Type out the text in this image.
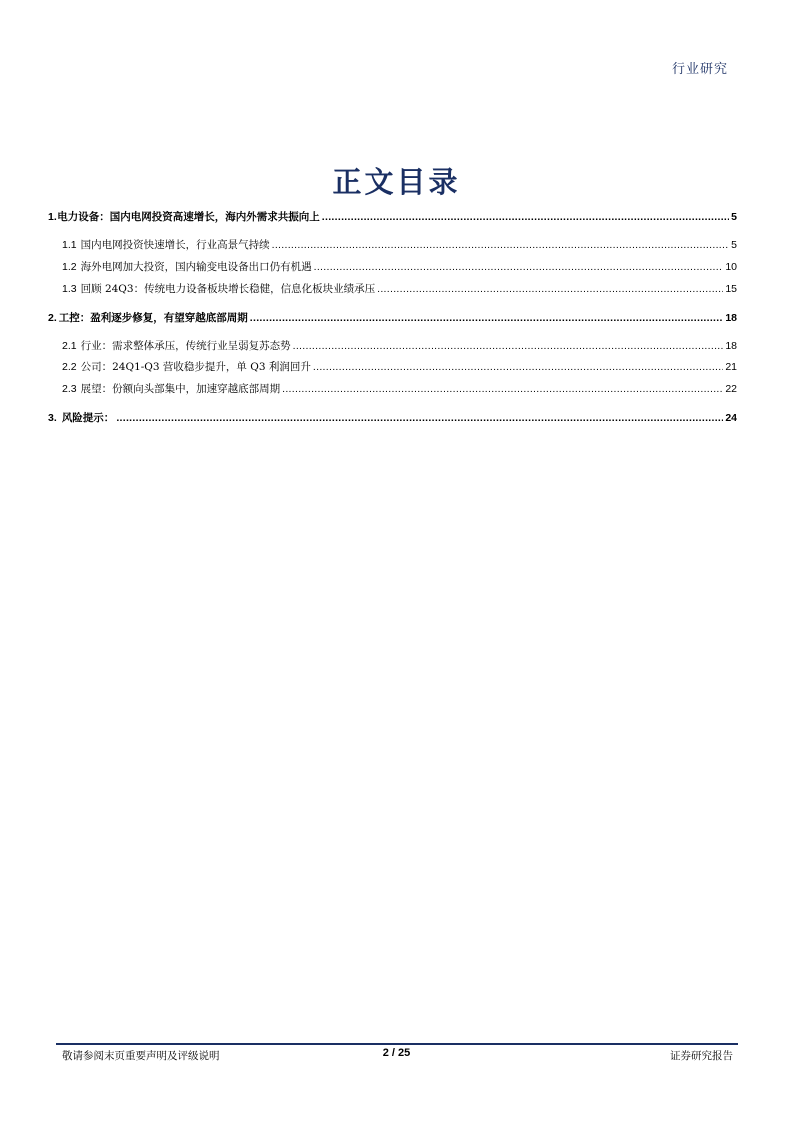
行业研究
正文目录
1. 电力设备：国内电网投资高速增长，海内外需求共振向上 .....	5
1.1 国内电网投资快速增长，行业高景气持续 .....	5
1.2 海外电网加大投资，国内输变电设备出口仍有机遇 .....	10
1.3 回顾 24Q3：传统电力设备板块增长稳健，信息化板块业绩承压 .....	15
2. 工控：盈利逐步修复，有望穿越底部周期 .....	18
2.1 行业：需求整体承压，传统行业呈弱复苏态势 .....	18
2.2 公司：24Q1-Q3 营收稳步提升，单 Q3 利润回升 .....	21
2.3 展望：份额向头部集中，加速穿越底部周期 .....	22
3. 风险提示： .....	24
敬请参阅末页重要声明及评级说明	2 / 25	证券研究报告
